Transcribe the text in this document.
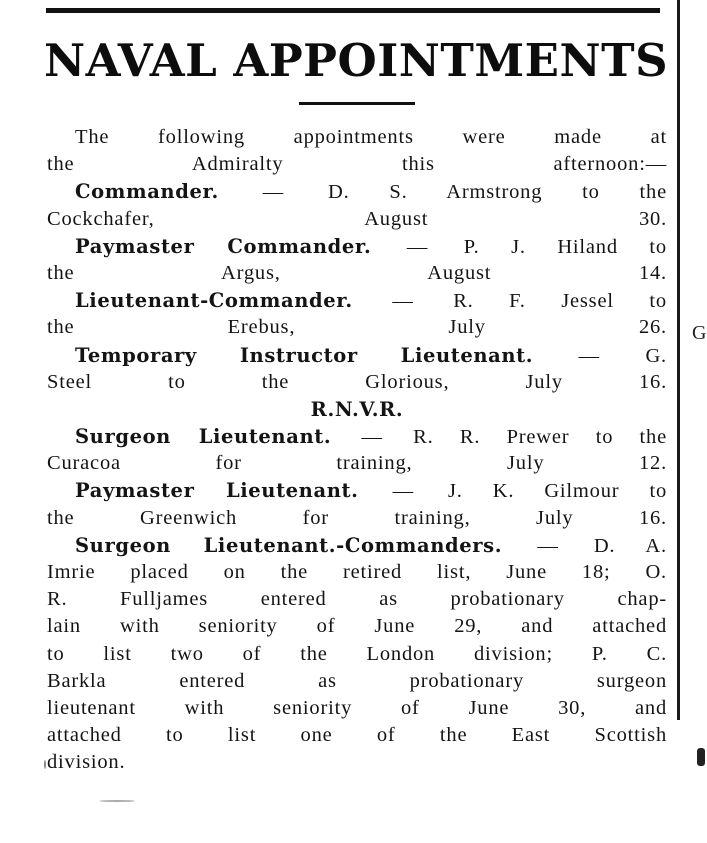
NAVAL APPOINTMENTS
The following appointments were made at
the Admiralty this afternoon:—
Commander. — D. S. Armstrong to the
Cockchafer, August 30.
Paymaster Commander. — P. J. Hiland to
the Argus, August 14.
Lieutenant-Commander. — R. F. Jessel to
the Erebus, July 26.
Temporary Instructor Lieutenant. — G.
Steel to the Glorious, July 16.
R.N.V.R.
Surgeon Lieutenant. — R. R. Prewer to the
Curacoa for training, July 12.
Paymaster Lieutenant. — J. K. Gilmour to
the Greenwich for training, July 16.
Surgeon Lieutenant.-Commanders. — D. A.
Imrie placed on the retired list, June 18; O.
R. Fulljames entered as probationary chap-
lain with seniority of June 29, and attached
to list two of the London division; P. C.
Barkla entered as probationary surgeon
lieutenant with seniority of June 30, and
attached to list one of the East Scottish
division.
G
